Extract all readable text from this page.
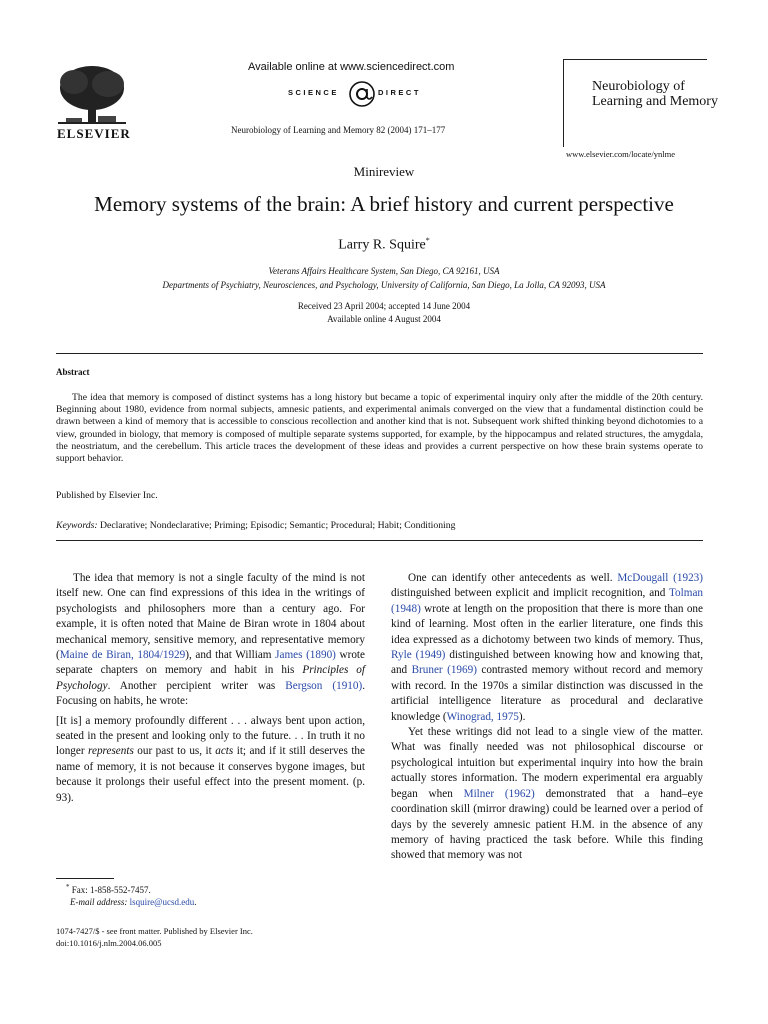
ELSEVIER
Available online at www.sciencedirect.com
SCIENCE	DIRECT
Neurobiology of Learning and Memory 82 (2004) 171–177
Neurobiology of
Learning and Memory
www.elsevier.com/locate/ynlme
Minireview
Memory systems of the brain: A brief history and current perspective
Larry R. Squire*
Veterans Affairs Healthcare System, San Diego, CA 92161, USA
Departments of Psychiatry, Neurosciences, and Psychology, University of California, San Diego, La Jolla, CA 92093, USA
Received 23 April 2004; accepted 14 June 2004
Available online 4 August 2004
Abstract
The idea that memory is composed of distinct systems has a long history but became a topic of experimental inquiry only after the middle of the 20th century. Beginning about 1980, evidence from normal subjects, amnesic patients, and experimental animals converged on the view that a fundamental distinction could be drawn between a kind of memory that is accessible to conscious recollection and another kind that is not. Subsequent work shifted thinking beyond dichotomies to a view, grounded in biology, that memory is composed of multiple separate systems supported, for example, by the hippocampus and related structures, the amygdala, the neostriatum, and the cerebellum. This article traces the development of these ideas and provides a current perspective on how these brain systems operate to support behavior.
Published by Elsevier Inc.
Keywords: Declarative; Nondeclarative; Priming; Episodic; Semantic; Procedural; Habit; Conditioning

The idea that memory is not a single faculty of the mind is not itself new. One can find expressions of this idea in the writings of psychologists and philosophers more than a century ago. For example, it is often noted that Maine de Biran wrote in 1804 about mechanical memory, sensitive memory, and representative memory (Maine de Biran, 1804/1929), and that William James (1890) wrote separate chapters on memory and habit in his Principles of Psychology. Another percipient writer was Bergson (1910). Focusing on habits, he wrote:

[It is] a memory profoundly different . . . always bent upon action, seated in the present and looking only to the future. . . In truth it no longer represents our past to us, it acts it; and if it still deserves the name of memory, it is not because it conserves bygone images, but because it prolongs their useful effect into the present moment. (p. 93).

One can identify other antecedents as well. McDougall (1923) distinguished between explicit and implicit recognition, and Tolman (1948) wrote at length on the proposition that there is more than one kind of learning. Most often in the earlier literature, one finds this idea expressed as a dichotomy between two kinds of memory. Thus, Ryle (1949) distinguished between knowing how and knowing that, and Bruner (1969) contrasted memory without record and memory with record. In the 1970s a similar distinction was discussed in the artificial intelligence literature as procedural and declarative knowledge (Winograd, 1975).

Yet these writings did not lead to a single view of the matter. What was finally needed was not philosophical discourse or psychological intuition but experimental inquiry into how the brain actually stores information. The modern experimental era arguably began when Milner (1962) demonstrated that a hand–eye coordination skill (mirror drawing) could be learned over a period of days by the severely amnesic patient H.M. in the absence of any memory of having practiced the task before. While this finding showed that memory was not

* Fax: 1-858-552-7457.
E-mail address: lsquire@ucsd.edu.
1074-7427/$ - see front matter. Published by Elsevier Inc.
doi:10.1016/j.nlm.2004.06.005
